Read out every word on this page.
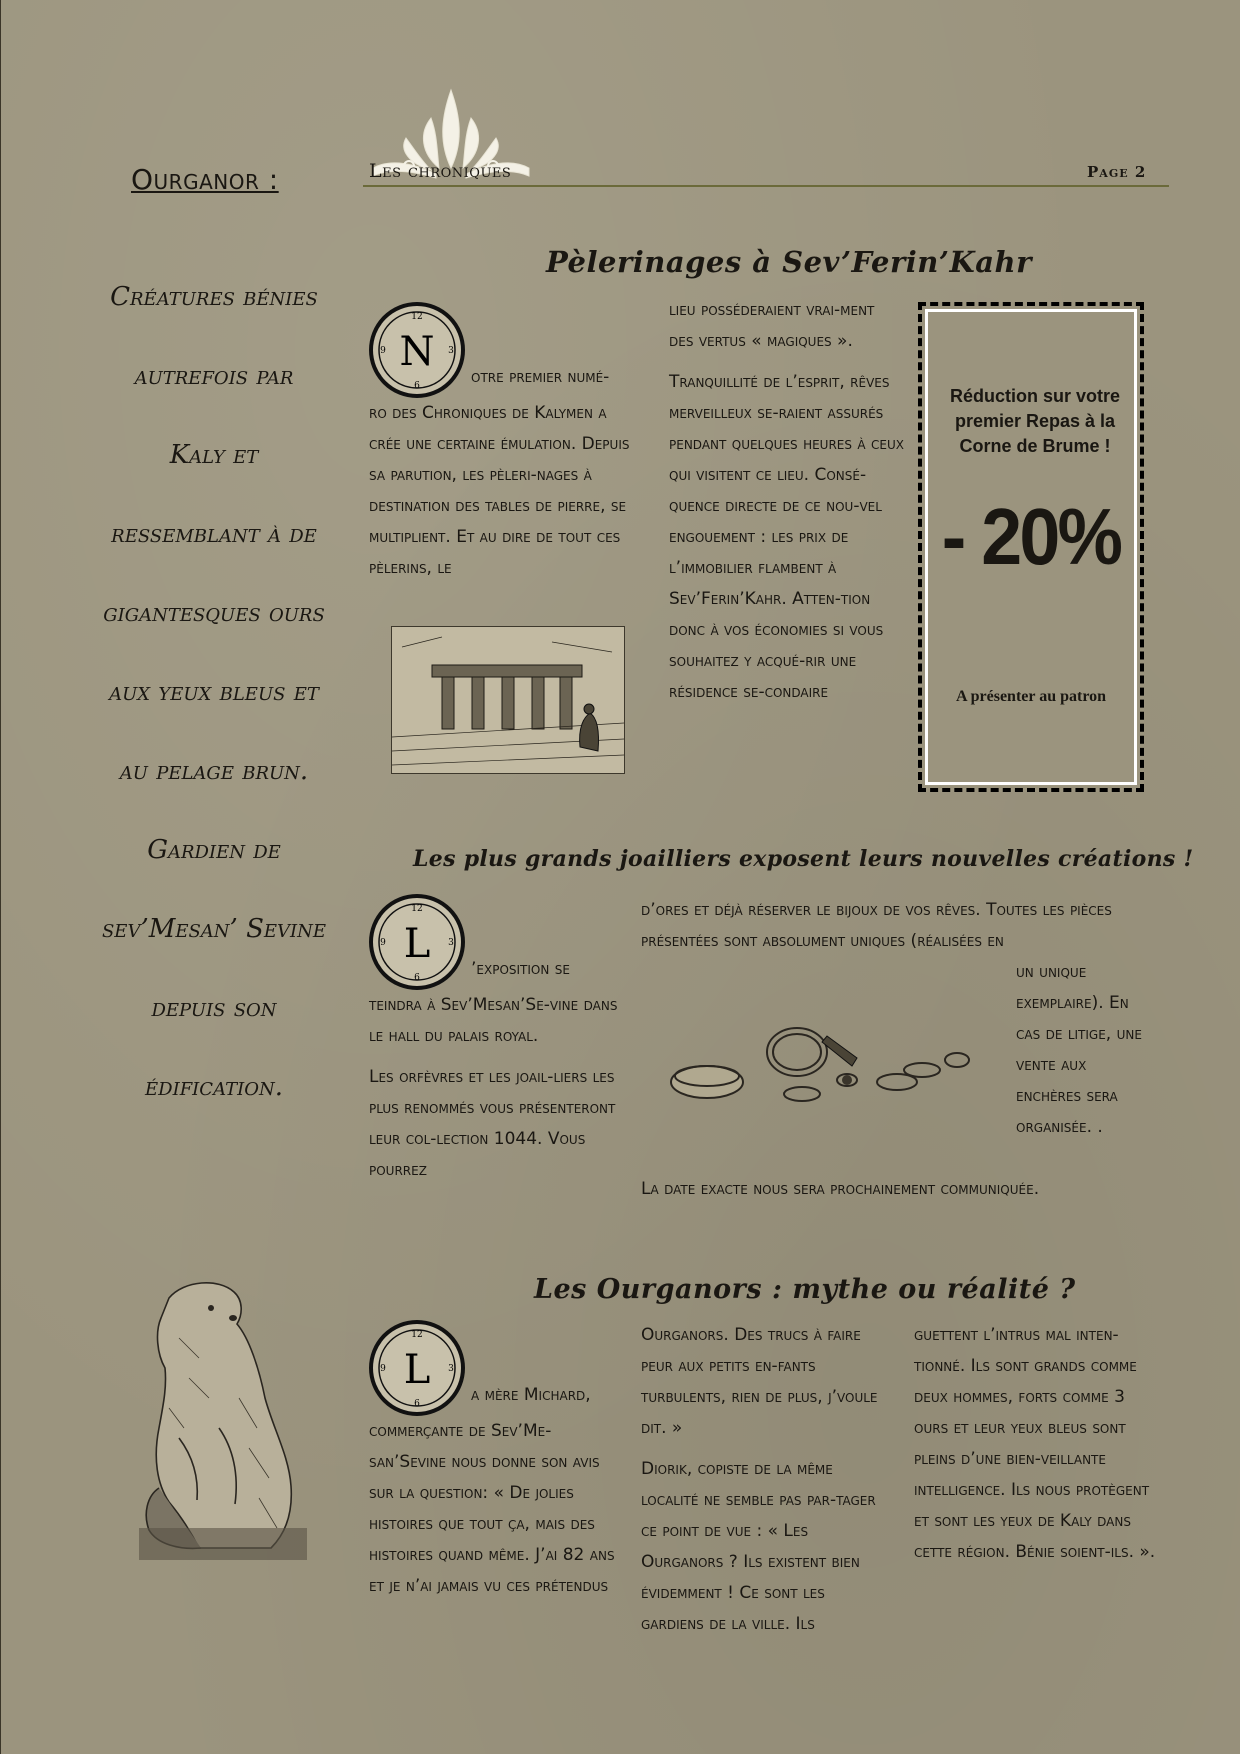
Les chroniques	Page 2
Ourganor :
Créatures bénies
autrefois par
Kaly et
ressemblant à de
gigantesques ours
aux yeux bleus et
au pelage brun.
Gardien de
sev’Mesan’ Sevine
depuis son
édification.
Pèlerinages à Sev’Ferin’Kahr
12
6
9	3
N
otre premier numé-

ro des Chroniques de Kalymen a crée une certaine émulation. Depuis sa parution, les pèleri-nages à destination des tables de pierre, se multiplient. Et au dire de tout ces pèlerins, le

lieu posséderaient vrai-ment des vertus « magiques ».

Tranquillité de l’esprit, rêves merveilleux se-raient assurés pendant quelques heures à ceux qui visitent ce lieu. Consé-quence directe de ce nou-vel engouement : les prix de l’immobilier flambent à Sev’Ferin’Kahr. Atten-tion donc à vos économies si vous souhaitez y acqué-rir une résidence se-condaire

Réduction sur votre premier Repas à la Corne de Brume !
- 20%
A présenter au patron
Les plus grands joailliers exposent leurs nouvelles créations !
12
6
9	3
L
’exposition se

teindra à Sev’Mesan’Se-vine dans le hall du palais royal.

Les orfèvres et les joail-liers les plus renommés vous présenteront leur col-lection 1044. Vous pourrez

d’ores et déjà réserver le bijoux de vos rêves. Toutes les pièces présentées sont absolument uniques (réalisées en
un unique exemplaire). En cas de litige, une vente aux enchères sera organisée. .
La date exacte nous sera prochainement communiquée.
Les Ourganors : mythe ou réalité ?
12
6
9	3
L
a mère Michard,

commerçante de Sev’Me-san’Sevine nous donne son avis sur la question: « De jolies histoires que tout ça, mais des histoires quand même. J’ai 82 ans et je n’ai jamais vu ces prétendus

Ourganors. Des trucs à faire peur aux petits en-fants turbulents, rien de plus, j’voule dit. »

Diorik, copiste de la même localité ne semble pas par-tager ce point de vue : « Les Ourganors ? Ils existent bien évidemment ! Ce sont les gardiens de la ville. Ils

guettent l’intrus mal inten-tionné. Ils sont grands comme deux hommes, forts comme 3 ours et leur yeux bleus sont pleins d’une bien-veillante intelligence. Ils nous protègent et sont les yeux de Kaly dans cette région. Bénie soient-ils. ».
